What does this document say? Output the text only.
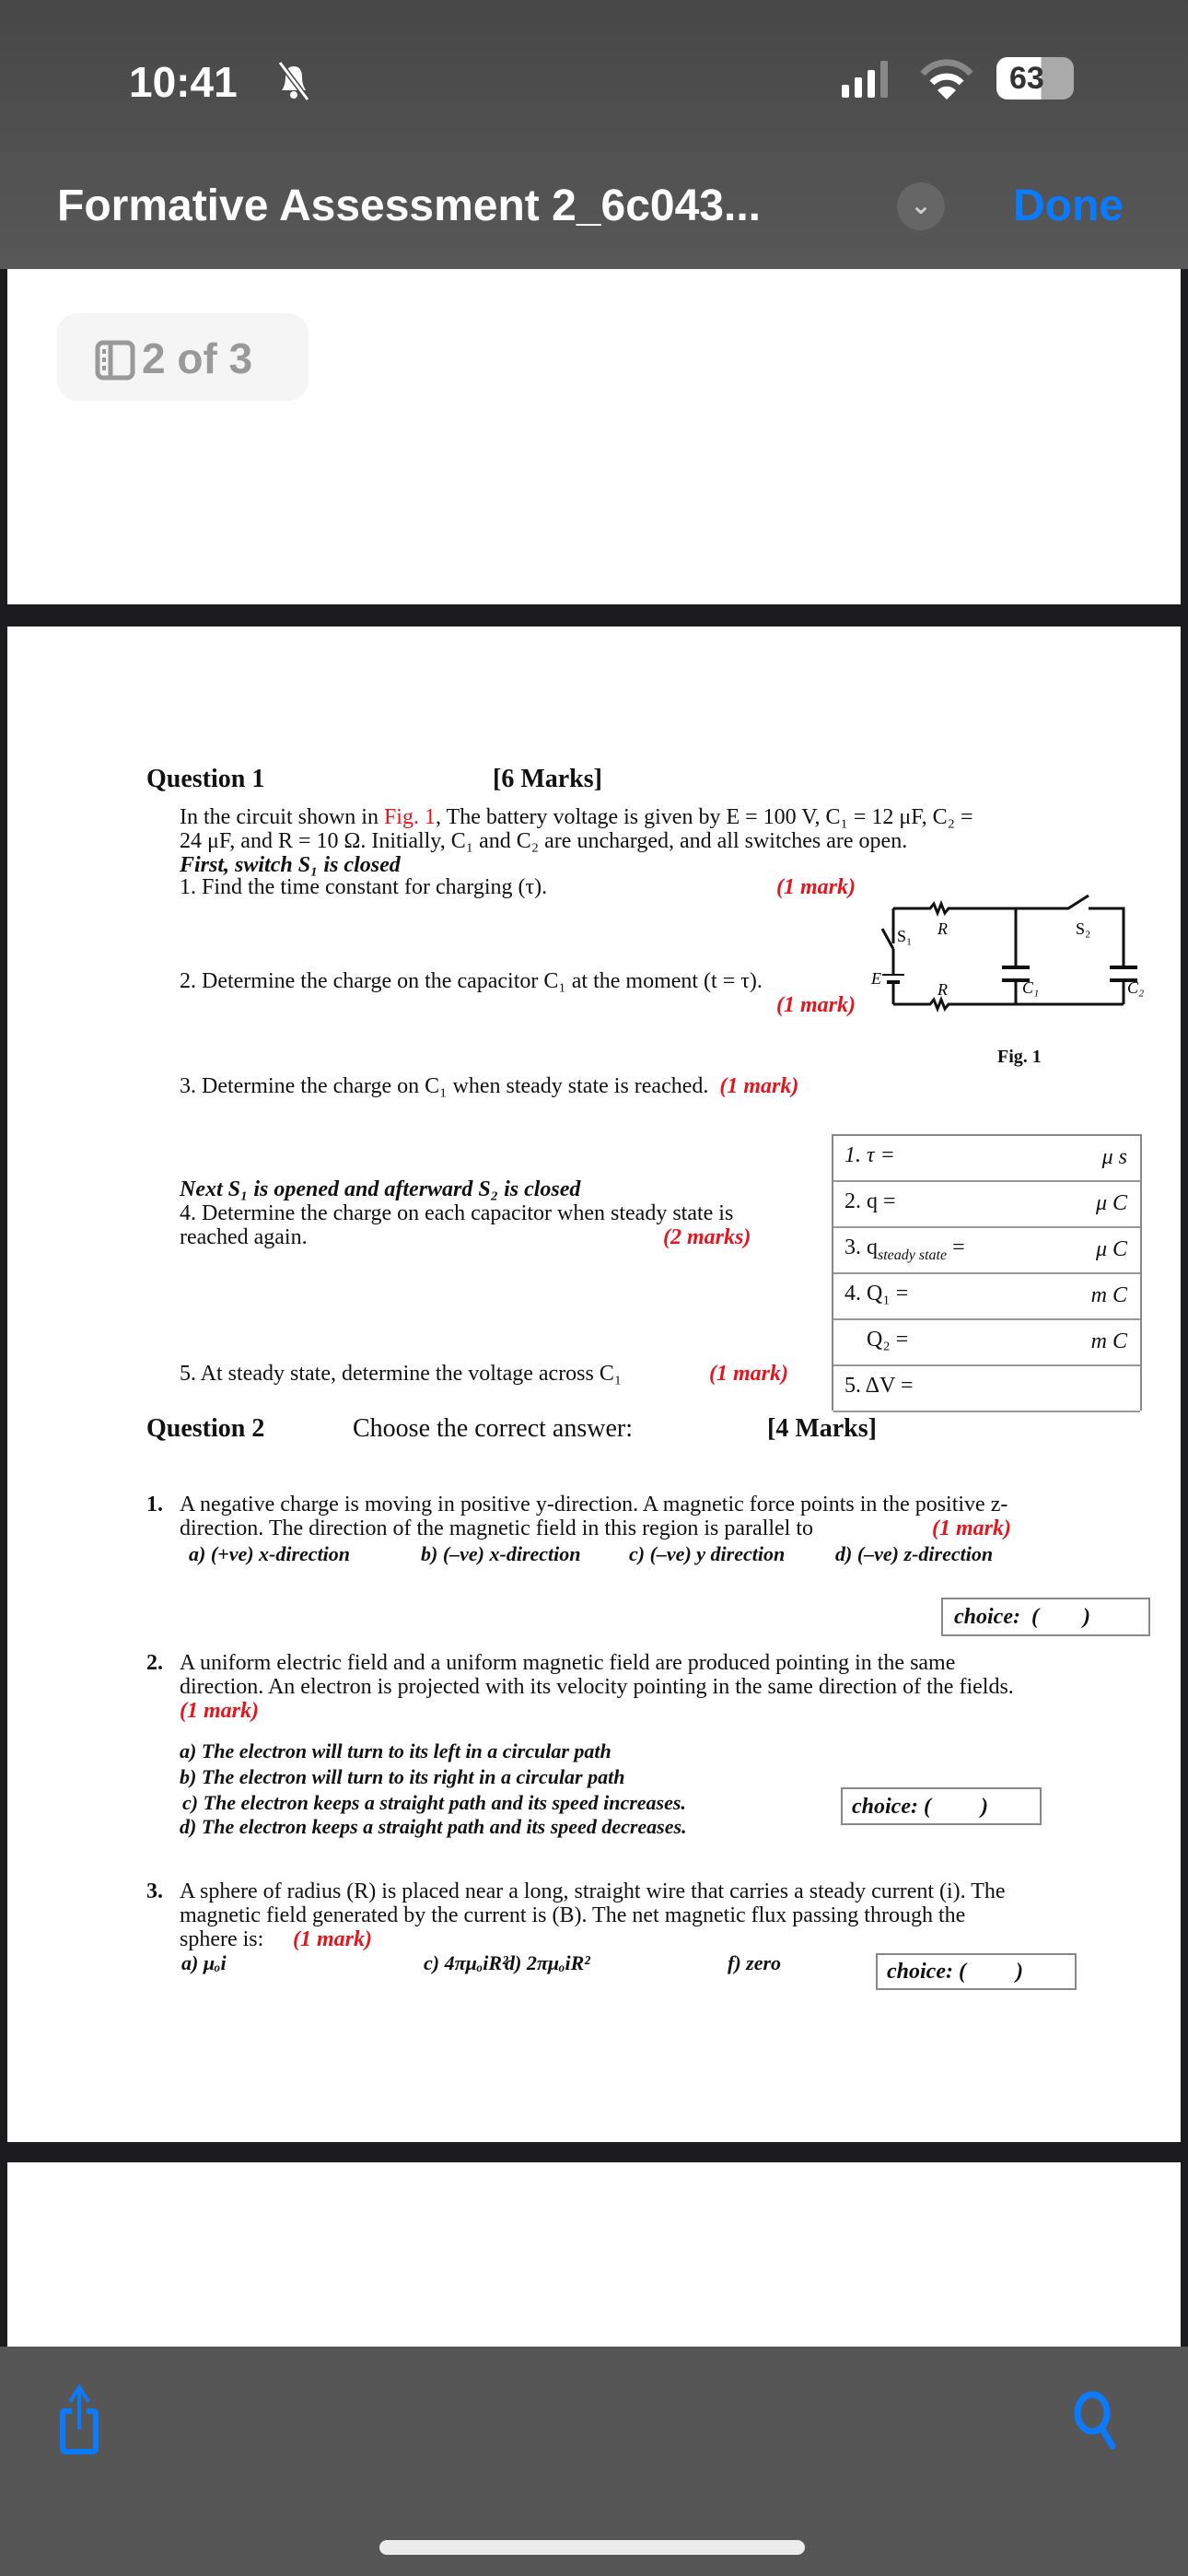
10:41	63
Formative Assessment 2_6c043...	⌄ Done
2 of 3
Question 1	[6 Marks]
In the circuit shown in Fig. 1, The battery voltage is given by E = 100 V, C₁ = 12 μF, C₂ =
24 μF, and R = 10 Ω. Initially, C₁ and C₂ are uncharged, and all switches are open.
First, switch S₁ is closed
1. Find the time constant for charging (τ).	(1 mark)
2. Determine the charge on the capacitor C₁ at the moment (t = τ).
(1 mark)
3. Determine the charge on C₁ when steady state is reached. (1 mark)
R
R
S₁	S₂
C₁	C₂
E
Fig. 1
1. τ =	μ s
2. q =	μ C
3. $q_{steady state}$ =	μ C
4. Q₁ =	m C
Q₂ =	m C
5. ΔV =
Next S₁ is opened and afterward S₂ is closed
4. Determine the charge on each capacitor when steady state is
reached again.	(2 marks)
5. At steady state, determine the voltage across C₁	(1 mark)
Question 2	Choose the correct answer:	[4 Marks]
1. A negative charge is moving in positive y-direction. A magnetic force points in the positive z-
direction. The direction of the magnetic field in this region is parallel to	(1 mark)
a) (+ve) x-direction	b) (–ve) x-direction c) (–ve) y direction d) (–ve) z-direction
choice:  (        )
2. A uniform electric field and a uniform magnetic field are produced pointing in the same
direction. An electron is projected with its velocity pointing in the same direction of the fields.
(1 mark)
a) The electron will turn to its left in a circular path
b) The electron will turn to its right in a circular path
c) The electron keeps a straight path and its speed increases.
d) The electron keeps a straight path and its speed decreases.
choice: (         )
3. A sphere of radius (R) is placed near a long, straight wire that carries a steady current (i). The
magnetic field generated by the current is (B). The net magnetic flux passing through the
sphere is: (1 mark)
a) μₒi	c) 4πμₒiR²
d) 2πμₒiR²	f) zero	choice: (         )
